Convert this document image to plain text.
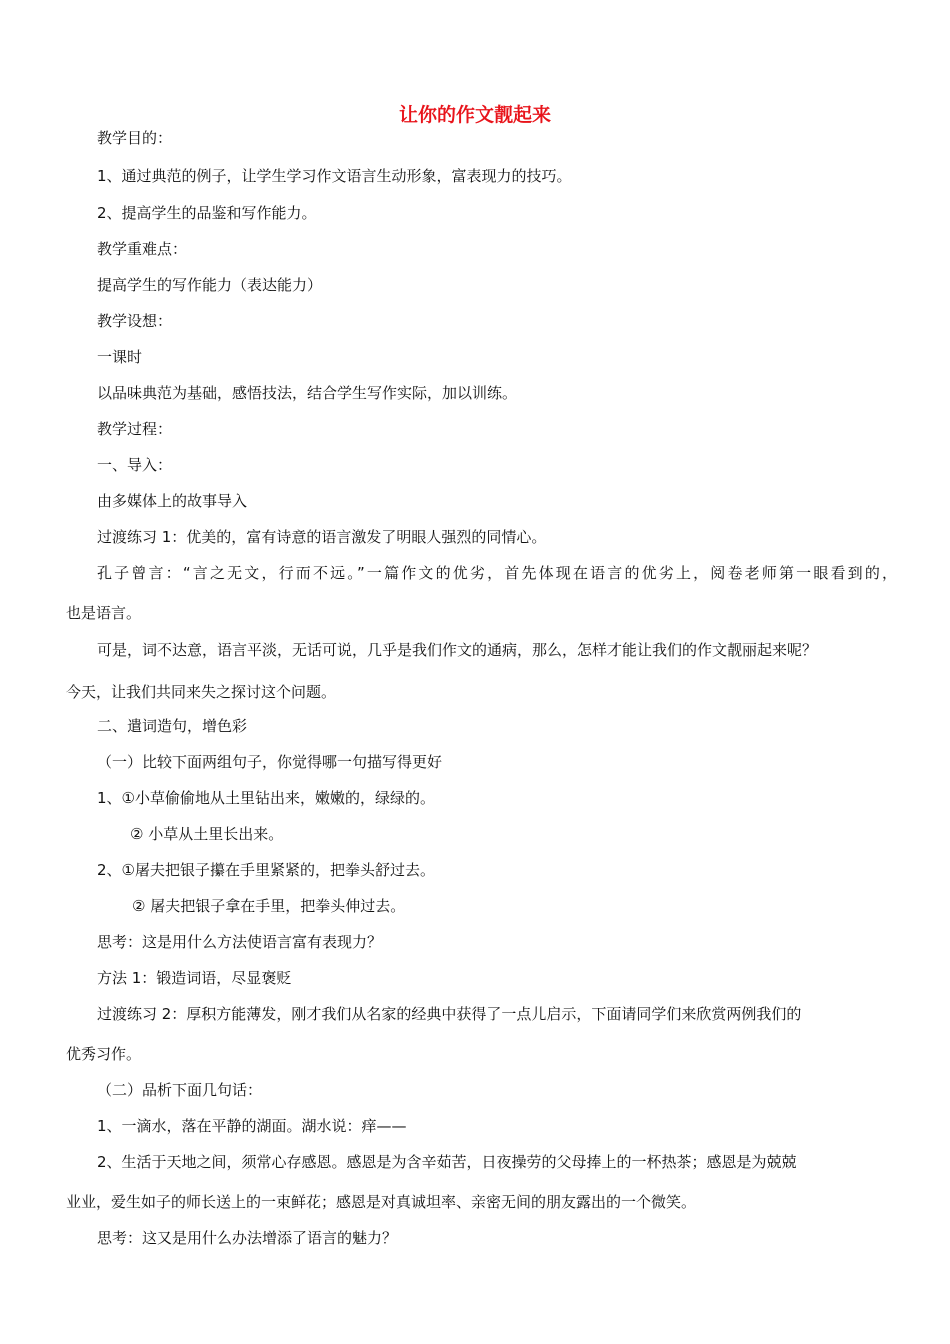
让你的作文靓起来
教学目的：
1、通过典范的例子，让学生学习作文语言生动形象，富表现力的技巧。
2、提高学生的品鉴和写作能力。
教学重难点：
提高学生的写作能力（表达能力）
教学设想：
一课时
以品味典范为基础，感悟技法，结合学生写作实际，加以训练。
教学过程：
一、导入：
由多媒体上的故事导入
过渡练习 1：优美的，富有诗意的语言激发了明眼人强烈的同情心。
孔子曾言：“言之无文，行而不远。”一篇作文的优劣，首先体现在语言的优劣上，阅卷老师第一眼看到的，
也是语言。
可是，词不达意，语言平淡，无话可说，几乎是我们作文的通病，那么，怎样才能让我们的作文靓丽起来呢？
今天，让我们共同来失之探讨这个问题。
二、遣词造句，增色彩
（一）比较下面两组句子，你觉得哪一句描写得更好
1、①小草偷偷地从土里钻出来，嫩嫩的，绿绿的。
② 小草从土里长出来。
2、①屠夫把银子攥在手里紧紧的，把拳头舒过去。
② 屠夫把银子拿在手里，把拳头伸过去。
思考：这是用什么方法使语言富有表现力？
方法 1：锻造词语，尽显褒贬
过渡练习 2：厚积方能薄发，刚才我们从名家的经典中获得了一点儿启示，下面请同学们来欣赏两例我们的
优秀习作。
（二）品析下面几句话：
1、一滴水，落在平静的湖面。湖水说：痒——
2、生活于天地之间，须常心存感恩。感恩是为含辛茹苦，日夜操劳的父母捧上的一杯热茶；感恩是为兢兢
业业，爱生如子的师长送上的一束鲜花；感恩是对真诚坦率、亲密无间的朋友露出的一个微笑。
思考：这又是用什么办法增添了语言的魅力？
